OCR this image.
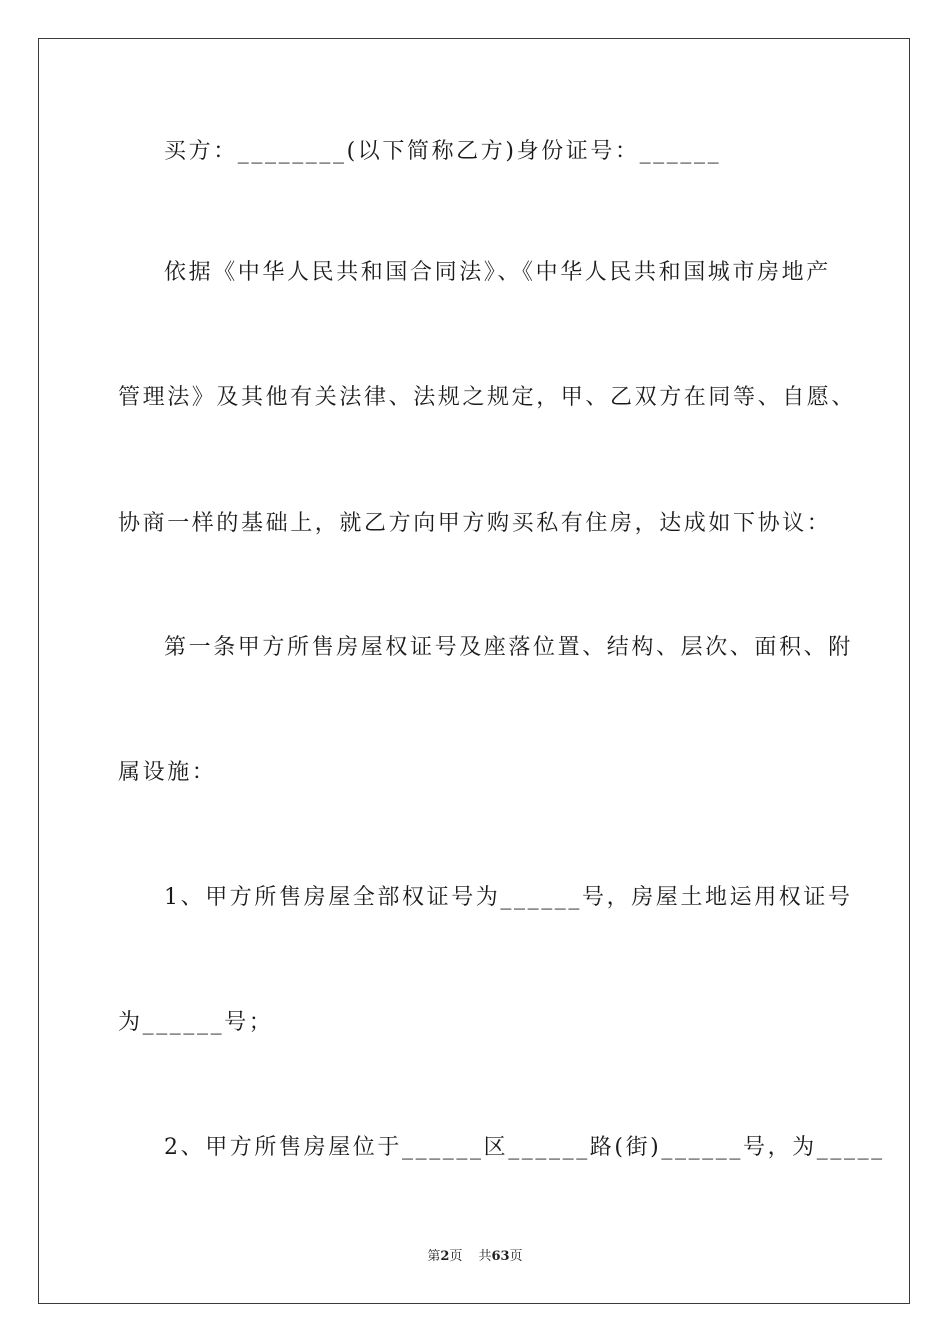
买方：________(以下简称乙方)身份证号：______
依据《中华人民共和国合同法》、《中华人民共和国城市房地产
管理法》及其他有关法律、法规之规定，甲、乙双方在同等、自愿、
协商一样的基础上，就乙方向甲方购买私有住房，达成如下协议：
第一条甲方所售房屋权证号及座落位置、结构、层次、面积、附
属设施：
1、甲方所售房屋全部权证号为______号，房屋土地运用权证号
为______号；
2、甲方所售房屋位于______区______路(街)______号，为_____
第2页 共63页
